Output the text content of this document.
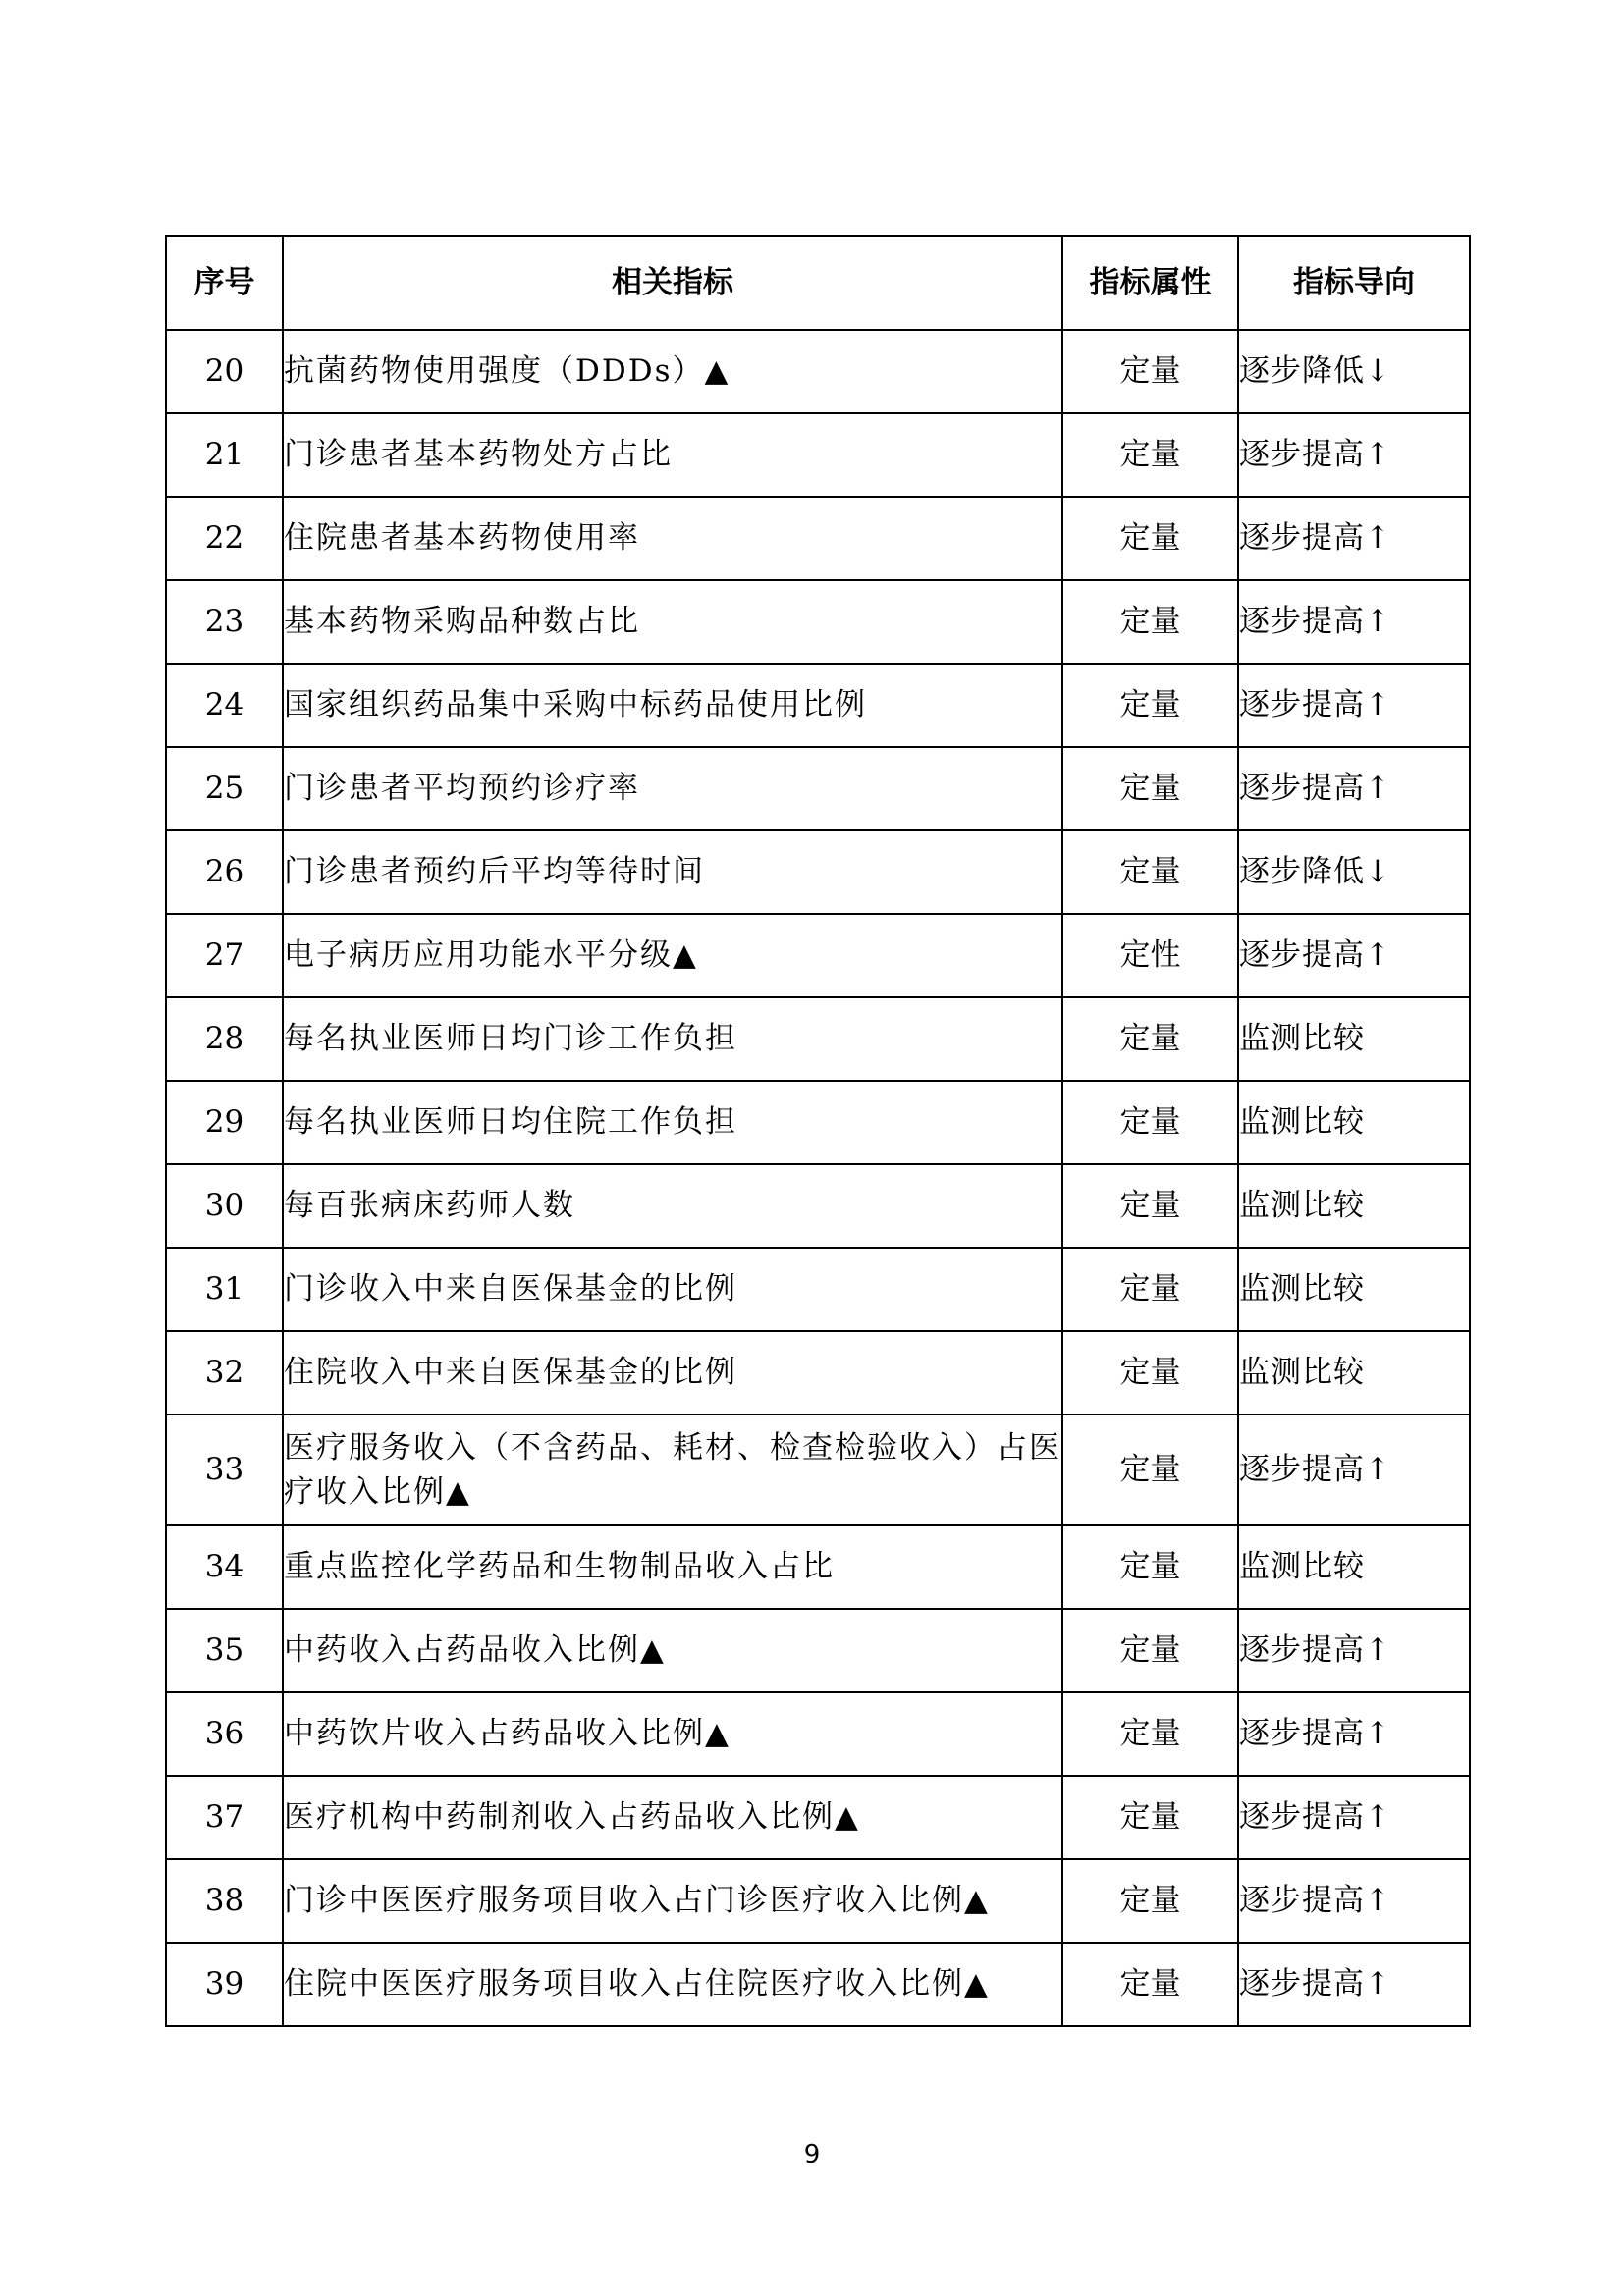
序号	相关指标	指标属性	指标导向
20	抗菌药物使用强度（DDDs）▲	定量	逐步降低↓
21	门诊患者基本药物处方占比	定量	逐步提高↑
22	住院患者基本药物使用率	定量	逐步提高↑
23	基本药物采购品种数占比	定量	逐步提高↑
24	国家组织药品集中采购中标药品使用比例	定量	逐步提高↑
25	门诊患者平均预约诊疗率	定量	逐步提高↑
26	门诊患者预约后平均等待时间	定量	逐步降低↓
27	电子病历应用功能水平分级▲	定性	逐步提高↑
28	每名执业医师日均门诊工作负担	定量	监测比较
29	每名执业医师日均住院工作负担	定量	监测比较
30	每百张病床药师人数	定量	监测比较
31	门诊收入中来自医保基金的比例	定量	监测比较
32	住院收入中来自医保基金的比例	定量	监测比较
33	医疗服务收入（不含药品、耗材、检查检验收入）占医疗收入比例▲	定量	逐步提高↑
34	重点监控化学药品和生物制品收入占比	定量	监测比较
35	中药收入占药品收入比例▲	定量	逐步提高↑
36	中药饮片收入占药品收入比例▲	定量	逐步提高↑
37	医疗机构中药制剂收入占药品收入比例▲	定量	逐步提高↑
38	门诊中医医疗服务项目收入占门诊医疗收入比例▲	定量	逐步提高↑
39	住院中医医疗服务项目收入占住院医疗收入比例▲	定量	逐步提高↑
9
